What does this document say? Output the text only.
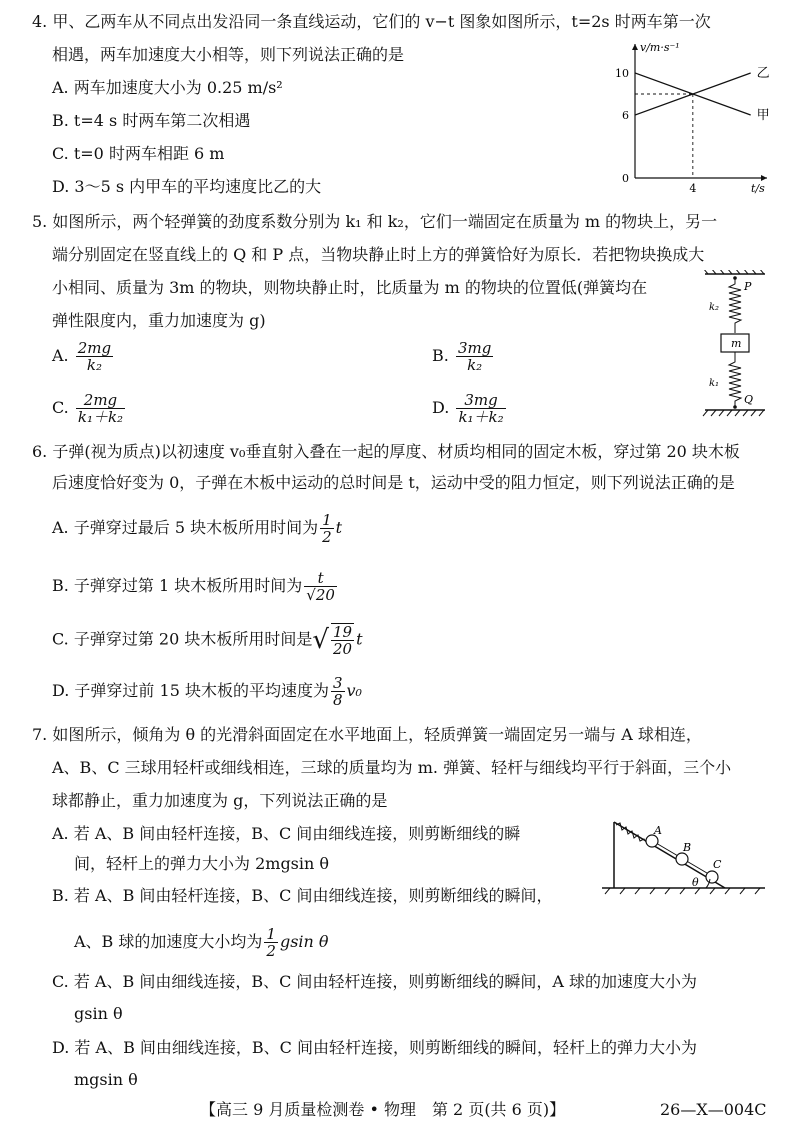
4. 甲、乙两车从不同点出发沿同一条直线运动，它们的 v−t 图象如图所示，t=2s 时两车第一次
相遇，两车加速度大小相等，则下列说法正确的是
A. 两车加速度大小为 0.25 m/s²
B. t=4 s 时两车第二次相遇
C. t=0 时两车相距 6 m
D. 3～5 s 内甲车的平均速度比乙的大
v/m·s⁻¹
t/s
10
6
0
4
乙
甲
5. 如图所示，两个轻弹簧的劲度系数分别为 k₁ 和 k₂，它们一端固定在质量为 m 的物块上，另一
端分别固定在竖直线上的 Q 和 P 点，当物块静止时上方的弹簧恰好为原长．若把物块换成大
小相同、质量为 3m 的物块，则物块静止时，比质量为 m 的物块的位置低(弹簧均在
弹性限度内，重力加速度为 g)
A. $\frac{2mg}{\text{k₂}}$	B. $\frac{3mg}{\text{k₂}}$
C. $\frac{2mg}{\text{k₁＋k₂}}$	D. $\frac{3mg}{\text{k₁＋k₂}}$
P
k₂
m
k₁
Q
6. 子弹(视为质点)以初速度 v₀垂直射入叠在一起的厚度、材质均相同的固定木板，穿过第 20 块木板
后速度恰好变为 0，子弹在木板中运动的总时间是 t，运动中受的阻力恒定，则下列说法正确的是
A. 子弹穿过最后 5 块木板所用时间为 $\frac{1}{2}$ t
B. 子弹穿过第 1 块木板所用时间为 $\frac{t}{√20}$
C. 子弹穿过第 20 块木板所用时间是√ $\frac{19}{20}$ t
D. 子弹穿过前 15 块木板的平均速度为 $\frac{3}{8} v_0$
7. 如图所示，倾角为 θ 的光滑斜面固定在水平地面上，轻质弹簧一端固定另一端与 A 球相连，
A、B、C 三球用轻杆或细线相连，三球的质量均为 m. 弹簧、轻杆与细线均平行于斜面，三个小
球都静止，重力加速度为 g，下列说法正确的是
A. 若 A、B 间由轻杆连接，B、C 间由细线连接，则剪断细线的瞬
间，轻杆上的弹力大小为 2mgsin θ
B. 若 A、B 间由轻杆连接，B、C 间由细线连接，则剪断细线的瞬间，
A、B 球的加速度大小均为 $\frac{1}{2}$ gsin θ
C. 若 A、B 间由细线连接，B、C 间由轻杆连接，则剪断细线的瞬间，A 球的加速度大小为
gsin θ
D. 若 A、B 间由细线连接，B、C 间由轻杆连接，则剪断细线的瞬间，轻杆上的弹力大小为
mgsin θ
A
B
C
θ
【高三 9 月质量检测卷 • 物理　第 2 页(共 6 页)】	26—X—004C
